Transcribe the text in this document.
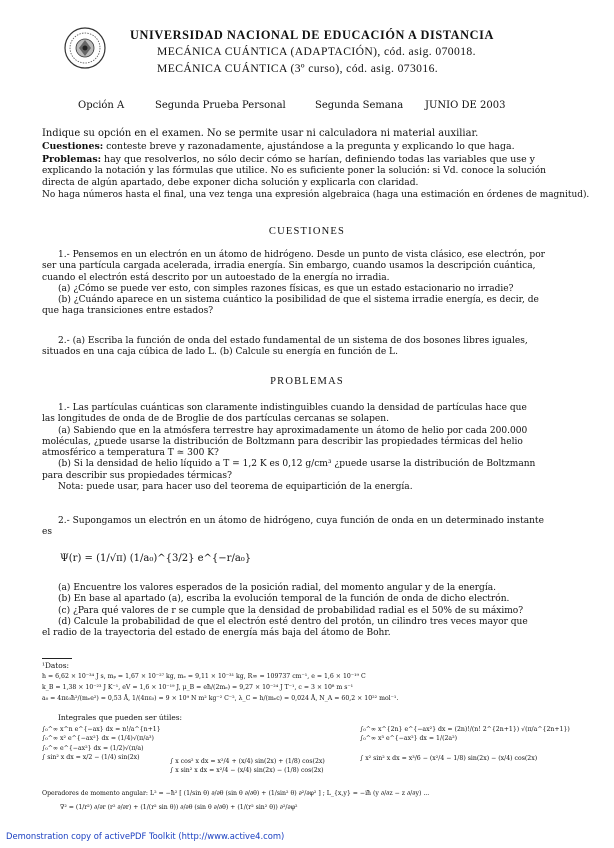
UNIVERSIDAD NACIONAL DE EDUCACIÓN A DISTANCIA
MECÁNICA CUÁNTICA (ADAPTACIÓN), cód. asig. 070018.
MECÁNICA CUÁNTICA (3º curso), cód. asig. 073016.
Opción A	Segunda Prueba Personal	Segunda Semana JUNIO DE 2003
Indique su opción en el examen. No se permite usar ni calculadora ni material auxiliar.
Cuestiones: conteste breve y razonadamente, ajustándose a la pregunta y explicando lo que haga.
Problemas: hay que resolverlos, no sólo decir cómo se harían, definiendo todas las variables que use y
explicando la notación y las fórmulas que utilice. No es suficiente poner la solución: si Vd. conoce la solución
directa de algún apartado, debe exponer dicha solución y explicarla con claridad.
No haga números hasta el final, una vez tenga una expresión algebraica (haga una estimación en órdenes de magnitud).
CUESTIONES
1.- Pensemos en un electrón en un átomo de hidrógeno. Desde un punto de vista clásico, ese electrón, por
ser una partícula cargada acelerada, irradia energía. Sin embargo, cuando usamos la descripción cuántica,
cuando el electrón está descrito por un autoestado de la energía no irradia.
(a) ¿Cómo se puede ver esto, con simples razones físicas, es que un estado estacionario no irradie?
(b) ¿Cuándo aparece en un sistema cuántico la posibilidad de que el sistema irradie energía, es decir, de
que haga transiciones entre estados?
2.- (a) Escriba la función de onda del estado fundamental de un sistema de dos bosones libres iguales,
situados en una caja cúbica de lado L. (b) Calcule su energía en función de L.
PROBLEMAS
1.- Las partículas cuánticas son claramente indistinguibles cuando la densidad de partículas hace que
las longitudes de onda de de Broglie de dos partículas cercanas se solapen.
(a) Sabiendo que en la atmósfera terrestre hay aproximadamente un átomo de helio por cada 200.000
moléculas, ¿puede usarse la distribución de Boltzmann para describir las propiedades térmicas del helio
atmosférico a temperatura T ≃ 300 K?
(b) Si la densidad de helio líquido a T = 1,2 K es 0,12 g/cm³ ¿puede usarse la distribución de Boltzmann
para describir sus propiedades térmicas?
Nota: puede usar, para hacer uso del teorema de equipartición de la energía.
2.- Supongamos un electrón en un átomo de hidrógeno, cuya función de onda en un determinado instante
es
Ψ(r) = (1/√π) (1/a₀)^{3/2} e^{−r/a₀}
(a) Encuentre los valores esperados de la posición radial, del momento angular y de la energía.
(b) En base al apartado (a), escriba la evolución temporal de la función de onda de dicho electrón.
(c) ¿Para qué valores de r se cumple que la densidad de probabilidad radial es el 50% de su máximo?
(d) Calcule la probabilidad de que el electrón esté dentro del protón, un cilindro tres veces mayor que
el radio de la trayectoria del estado de energía más baja del átomo de Bohr.
¹Datos:
h = 6,62 × 10⁻³⁴ J s, mₚ = 1,67 × 10⁻²⁷ kg, mₑ = 9,11 × 10⁻³¹ kg, R∞ = 109737 cm⁻¹, e = 1,6 × 10⁻¹⁹ C
k_B = 1,38 × 10⁻²³ J K⁻¹, eV = 1,6 × 10⁻¹⁹ J, μ_B = eħ/(2mₑ) = 9,27 × 10⁻²⁴ J T⁻¹, c = 3 × 10⁸ m s⁻¹
a₀ = 4πε₀ħ²/(mₑe²) = 0,53 Å, 1/(4πε₀) = 9 × 10⁹ N m² kg⁻² C⁻², λ_C = h/(mₑc) = 0,024 Å, N_A = 60,2 × 10²² mol⁻¹.
Integrales que pueden ser útiles:
∫₀^∞ x^n e^{−ax} dx = n!/a^{n+1}
∫₀^∞ x² e^{−ax²} dx = (1/4)√(π/a³)
∫₀^∞ e^{−ax²} dx = (1/2)√(π/a)
∫ sin² x dx = x/2 − (1/4) sin(2x)
∫ x cos² x dx = x²/4 + (x/4) sin(2x) + (1/8) cos(2x)
∫ x sin² x dx = x²/4 − (x/4) sin(2x) − (1/8) cos(2x)
∫₀^∞ x^{2n} e^{−ax²} dx = (2n)!/(n! 2^{2n+1}) √(π/a^{2n+1})
∫₀^∞ x³ e^{−ax²} dx = 1/(2a²)
∫ x² sin² x dx = x³/6 − (x²/4 − 1/8) sin(2x) − (x/4) cos(2x)
Operadores de momento angular: L² = −ħ² [ (1/sin θ) ∂/∂θ (sin θ ∂/∂θ) + (1/sin² θ) ∂²/∂φ² ] ; L_{x,y} = −iħ (y ∂/∂z − z ∂/∂y) ...
∇² = (1/r²) ∂/∂r (r² ∂/∂r) + (1/(r² sin θ)) ∂/∂θ (sin θ ∂/∂θ) + (1/(r² sin² θ)) ∂²/∂φ²
Demonstration copy of activePDF Toolkit (http://www.active4.com)
